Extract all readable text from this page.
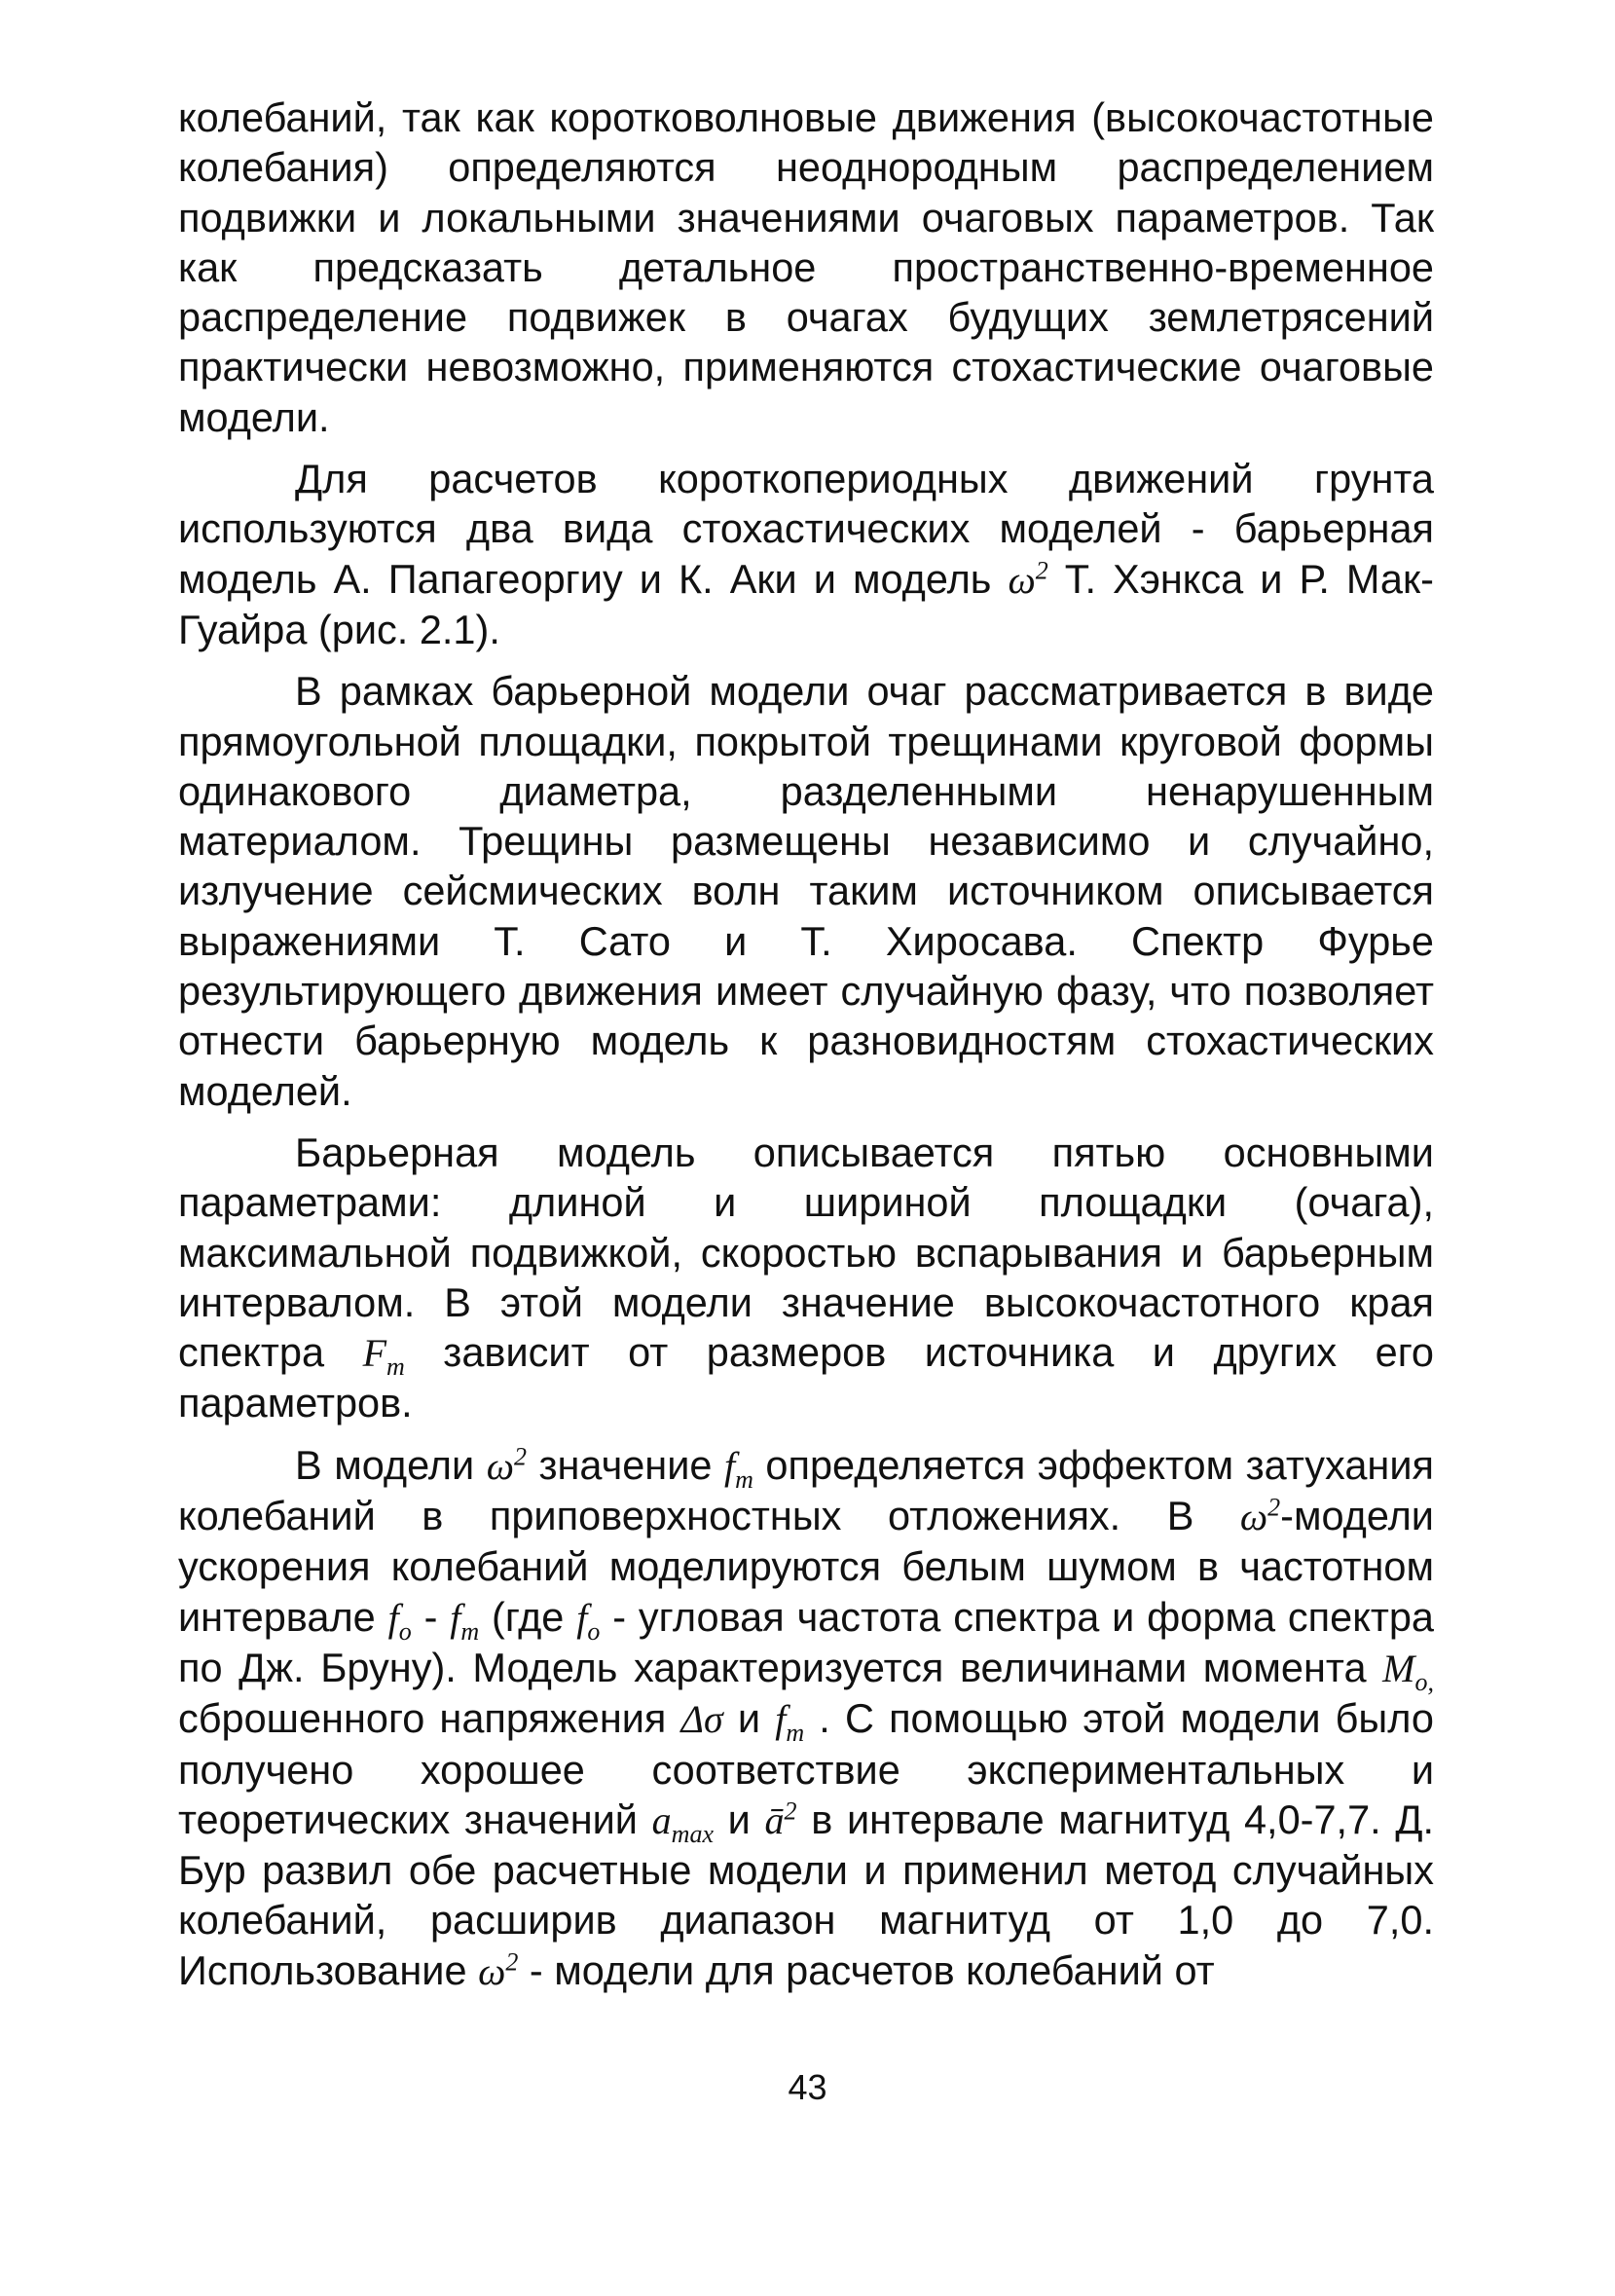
колебаний, так как коротковолновые движения (высокочастотные колебания) определяются неоднородным распределением подвижки и локальными значениями очаговых параметров. Так как предсказать детальное пространственно-временное распределение подвижек в очагах будущих землетрясений практически невозможно, применяются стохастические очаговые модели.

Для расчетов короткопериодных движений грунта используются два вида стохастических моделей - барьерная модель А. Папагеоргиу и К. Аки и модель $\omega^2$ Т. Хэнкса и Р. Мак-Гуайра (рис. 2.1).

В рамках барьерной модели очаг рассматривается в виде прямоугольной площадки, покрытой трещинами круговой формы одинакового диаметра, разделенными ненарушенным материалом. Трещины размещены независимо и случайно, излучение сейсмических волн таким источником описывается выражениями Т. Сато и Т. Хиросава. Спектр Фурье результирующего движения имеет случайную фазу, что позволяет отнести барьерную модель к разновидностям стохастических моделей.

Барьерная модель описывается пятью основными параметрами: длиной и шириной площадки (очага), максимальной подвижкой, скоростью вспарывания и барьерным интервалом. В этой модели значение высокочастотного края спектра $F_m$ зависит от размеров источника и других его параметров.

В модели $\omega^2$ значение $f_m$ определяется эффектом затухания колебаний в приповерхностных отложениях. В $\omega^2$-модели ускорения колебаний моделируются белым шумом в частотном интервале $f_o - f_m$ (где $f_o$ - угловая частота спектра и форма спектра по Дж. Бруну). Модель характеризуется величинами момента $M_{o,}$ сброшенного напряжения Δσ и $f_m$ . С помощью этой модели было получено хорошее соответствие экспериментальных и теоретических значений $a_{max}$ и $ā^2$ в интервале магнитуд 4,0-7,7. Д. Бур развил обе расчетные модели и применил метод случайных колебаний, расширив диапазон магнитуд от 1,0 до 7,0. Использование $\omega^2$ - модели для расчетов колебаний от

43
